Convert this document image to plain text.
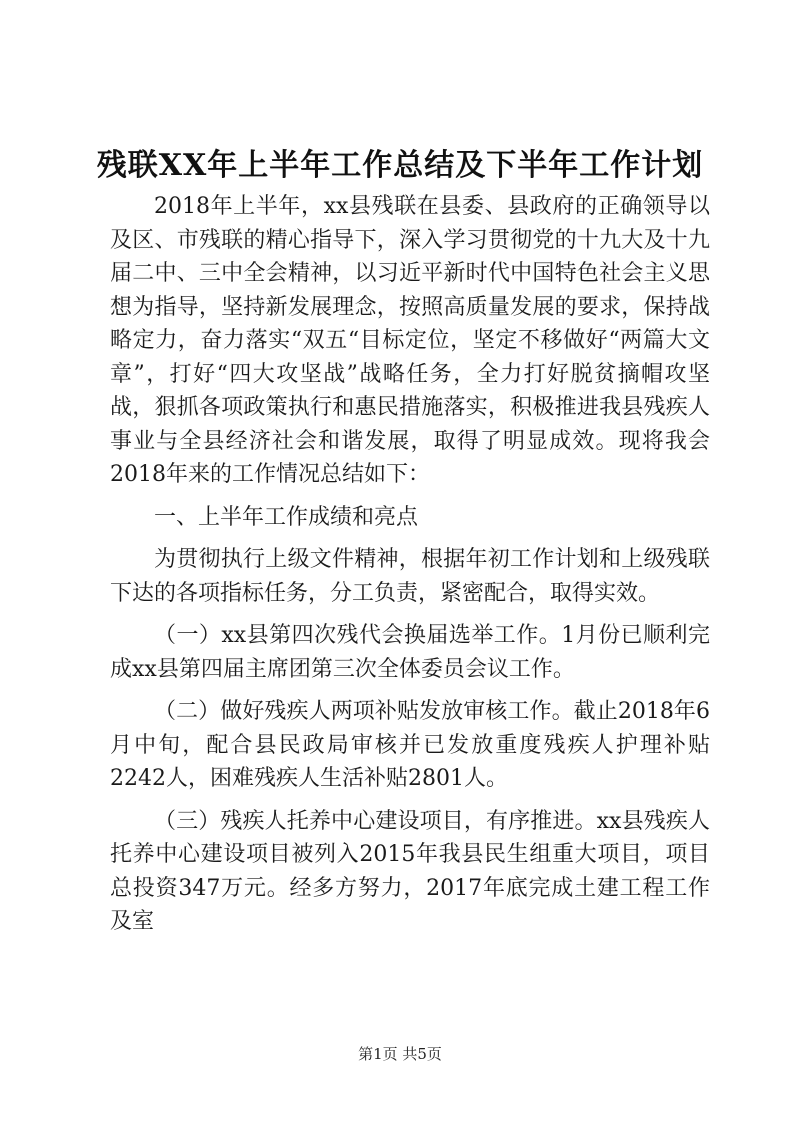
残联XX年上半年工作总结及下半年工作计划

2018年上半年，xx县残联在县委、县政府的正确领导以及区、市残联的精心指导下，深入学习贯彻党的十九大及十九届二中、三中全会精神，以习近平新时代中国特色社会主义思想为指导，坚持新发展理念，按照高质量发展的要求，保持战略定力，奋力落实“双五“目标定位，坚定不移做好“两篇大文章”，打好“四大攻坚战”战略任务，全力打好脱贫摘帽攻坚战，狠抓各项政策执行和惠民措施落实，积极推进我县残疾人事业与全县经济社会和谐发展，取得了明显成效。现将我会2018年来的工作情况总结如下：

一、上半年工作成绩和亮点

为贯彻执行上级文件精神，根据年初工作计划和上级残联下达的各项指标任务，分工负责，紧密配合，取得实效。

（一）xx县第四次残代会换届选举工作。1月份已顺利完成xx县第四届主席团第三次全体委员会议工作。

（二）做好残疾人两项补贴发放审核工作。截止2018年6月中旬，配合县民政局审核并已发放重度残疾人护理补贴2242人，困难残疾人生活补贴2801人。

（三）残疾人托养中心建设项目，有序推进。xx县残疾人托养中心建设项目被列入2015年我县民生组重大项目，项目总投资347万元。经多方努力，2017年底完成土建工程工作及室

第1页 共5页
